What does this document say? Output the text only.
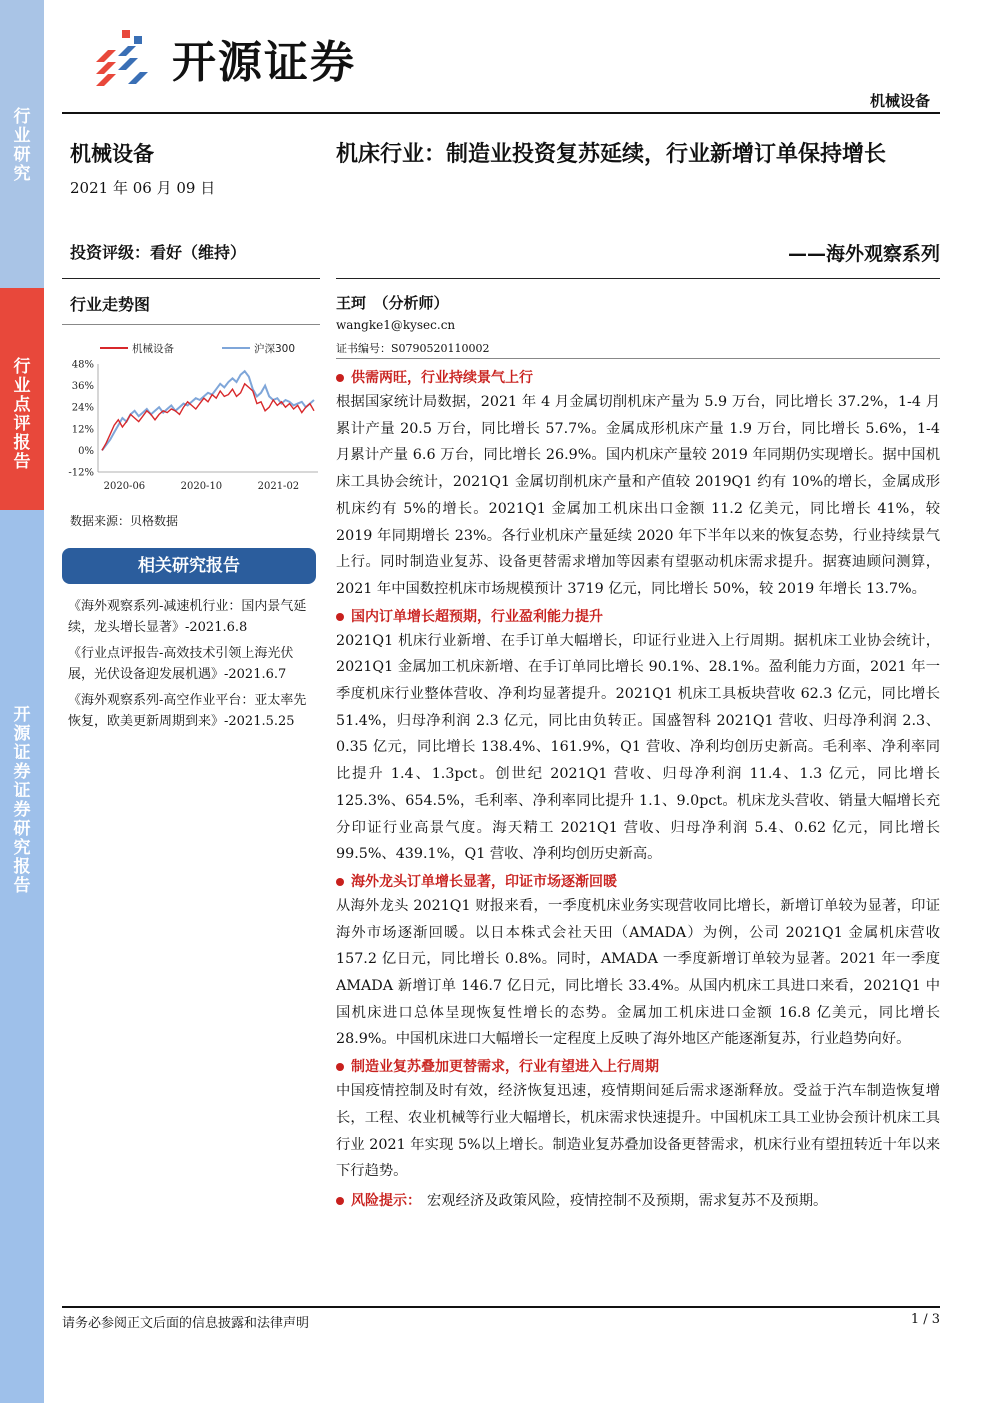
行业研究
行业点评报告
开源证券 证券研究报告
开源证券
机械设备
机械设备
2021 年 06 月 09 日
投资评级：看好（维持）
行业走势图
机械设备	沪深300
48%
36%
24%
12%
0%
-12%
2020-06	2020-10	2021-02
数据来源：贝格数据
相关研究报告
《海外观察系列-减速机行业：国内景气延续，龙头增长显著》-2021.6.8
《行业点评报告-高效技术引领上海光伏展，光伏设备迎发展机遇》-2021.6.7
《海外观察系列-高空作业平台：亚太率先恢复，欧美更新周期到来》-2021.5.25
机床行业：制造业投资复苏延续，行业新增订单保持增长
——海外观察系列
王珂　（分析师）
wangke1@kysec.cn
证书编号：S0790520110002
供需两旺，行业持续景气上行
根据国家统计局数据，2021 年 4 月金属切削机床产量为 5.9 万台，同比增长 37.2%，1-4 月累计产量 20.5 万台，同比增长 57.7%。金属成形机床产量 1.9 万台，同比增长 5.6%，1-4 月累计产量 6.6 万台，同比增长 26.9%。国内机床产量较 2019 年同期仍实现增长。据中国机床工具协会统计，2021Q1 金属切削机床产量和产值较 2019Q1 约有 10%的增长，金属成形机床约有 5%的增长。2021Q1 金属加工机床出口金额 11.2 亿美元，同比增长 41%，较 2019 年同期增长 23%。各行业机床产量延续 2020 年下半年以来的恢复态势，行业持续景气上行。同时制造业复苏、设备更替需求增加等因素有望驱动机床需求提升。据赛迪顾问测算，2021 年中国数控机床市场规模预计 3719 亿元，同比增长 50%，较 2019 年增长 13.7%。
国内订单增长超预期，行业盈利能力提升
2021Q1 机床行业新增、在手订单大幅增长，印证行业进入上行周期。据机床工业协会统计，2021Q1 金属加工机床新增、在手订单同比增长 90.1%、28.1%。盈利能力方面，2021 年一季度机床行业整体营收、净利均显著提升。2021Q1 机床工具板块营收 62.3 亿元，同比增长 51.4%，归母净利润 2.3 亿元，同比由负转正。国盛智科 2021Q1 营收、归母净利润 2.3、0.35 亿元，同比增长 138.4%、161.9%，Q1 营收、净利均创历史新高。毛利率、净利率同比提升 1.4、1.3pct。创世纪 2021Q1 营收、归母净利润 11.4、1.3 亿元，同比增长 125.3%、654.5%，毛利率、净利率同比提升 1.1、9.0pct。机床龙头营收、销量大幅增长充分印证行业高景气度。海天精工 2021Q1 营收、归母净利润 5.4、0.62 亿元，同比增长 99.5%、439.1%，Q1 营收、净利均创历史新高。
海外龙头订单增长显著，印证市场逐渐回暖
从海外龙头 2021Q1 财报来看，一季度机床业务实现营收同比增长，新增订单较为显著，印证海外市场逐渐回暖。以日本株式会社天田（AMADA）为例，公司 2021Q1 金属机床营收 157.2 亿日元，同比增长 0.8%。同时，AMADA 一季度新增订单较为显著。2021 年一季度 AMADA 新增订单 146.7 亿日元，同比增长 33.4%。从国内机床工具进口来看，2021Q1 中国机床进口总体呈现恢复性增长的态势。金属加工机床进口金额 16.8 亿美元，同比增长 28.9%。中国机床进口大幅增长一定程度上反映了海外地区产能逐渐复苏，行业趋势向好。
制造业复苏叠加更替需求，行业有望进入上行周期
中国疫情控制及时有效，经济恢复迅速，疫情期间延后需求逐渐释放。受益于汽车制造恢复增长，工程、农业机械等行业大幅增长，机床需求快速提升。中国机床工具工业协会预计机床工具行业 2021 年实现 5%以上增长。制造业复苏叠加设备更替需求，机床行业有望扭转近十年以来下行趋势。
风险提示： 宏观经济及政策风险，疫情控制不及预期，需求复苏不及预期。
请务必参阅正文后面的信息披露和法律声明	1 / 3
